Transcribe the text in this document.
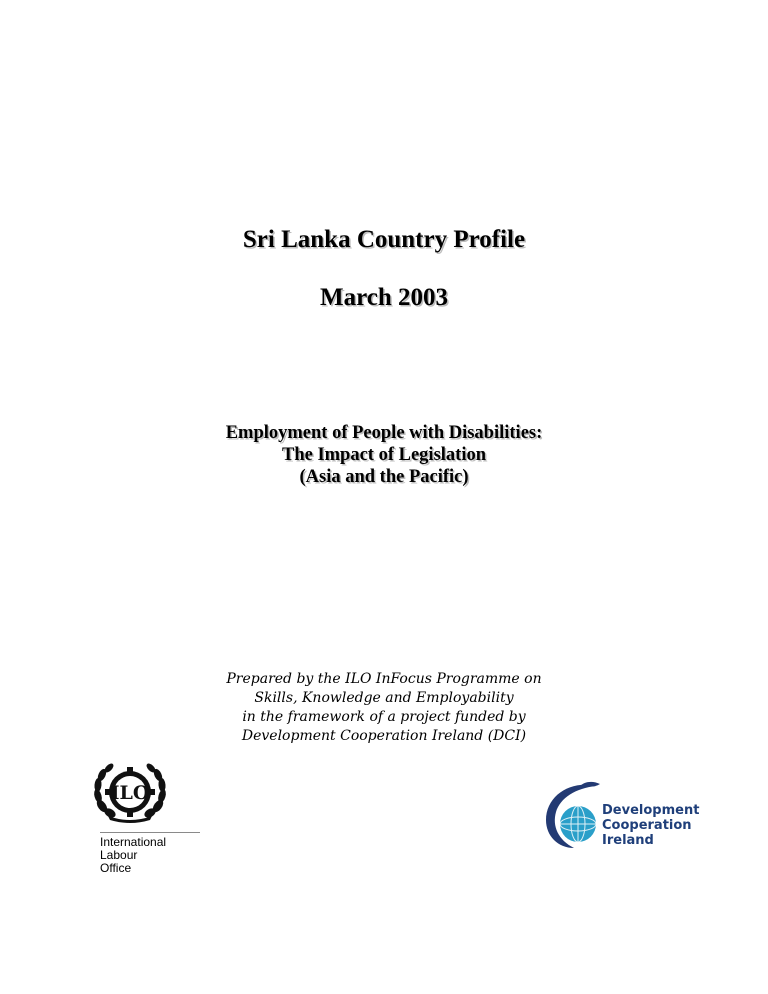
Sri Lanka Country Profile
March 2003
Employment of People with Disabilities:
The Impact of Legislation
(Asia and the Pacific)
Prepared by the ILO InFocus Programme on
Skills, Knowledge and Employability
in the framework of a project funded by
Development Cooperation Ireland (DCI)
ILO
International
Labour
Office
Development
Cooperation
Ireland
